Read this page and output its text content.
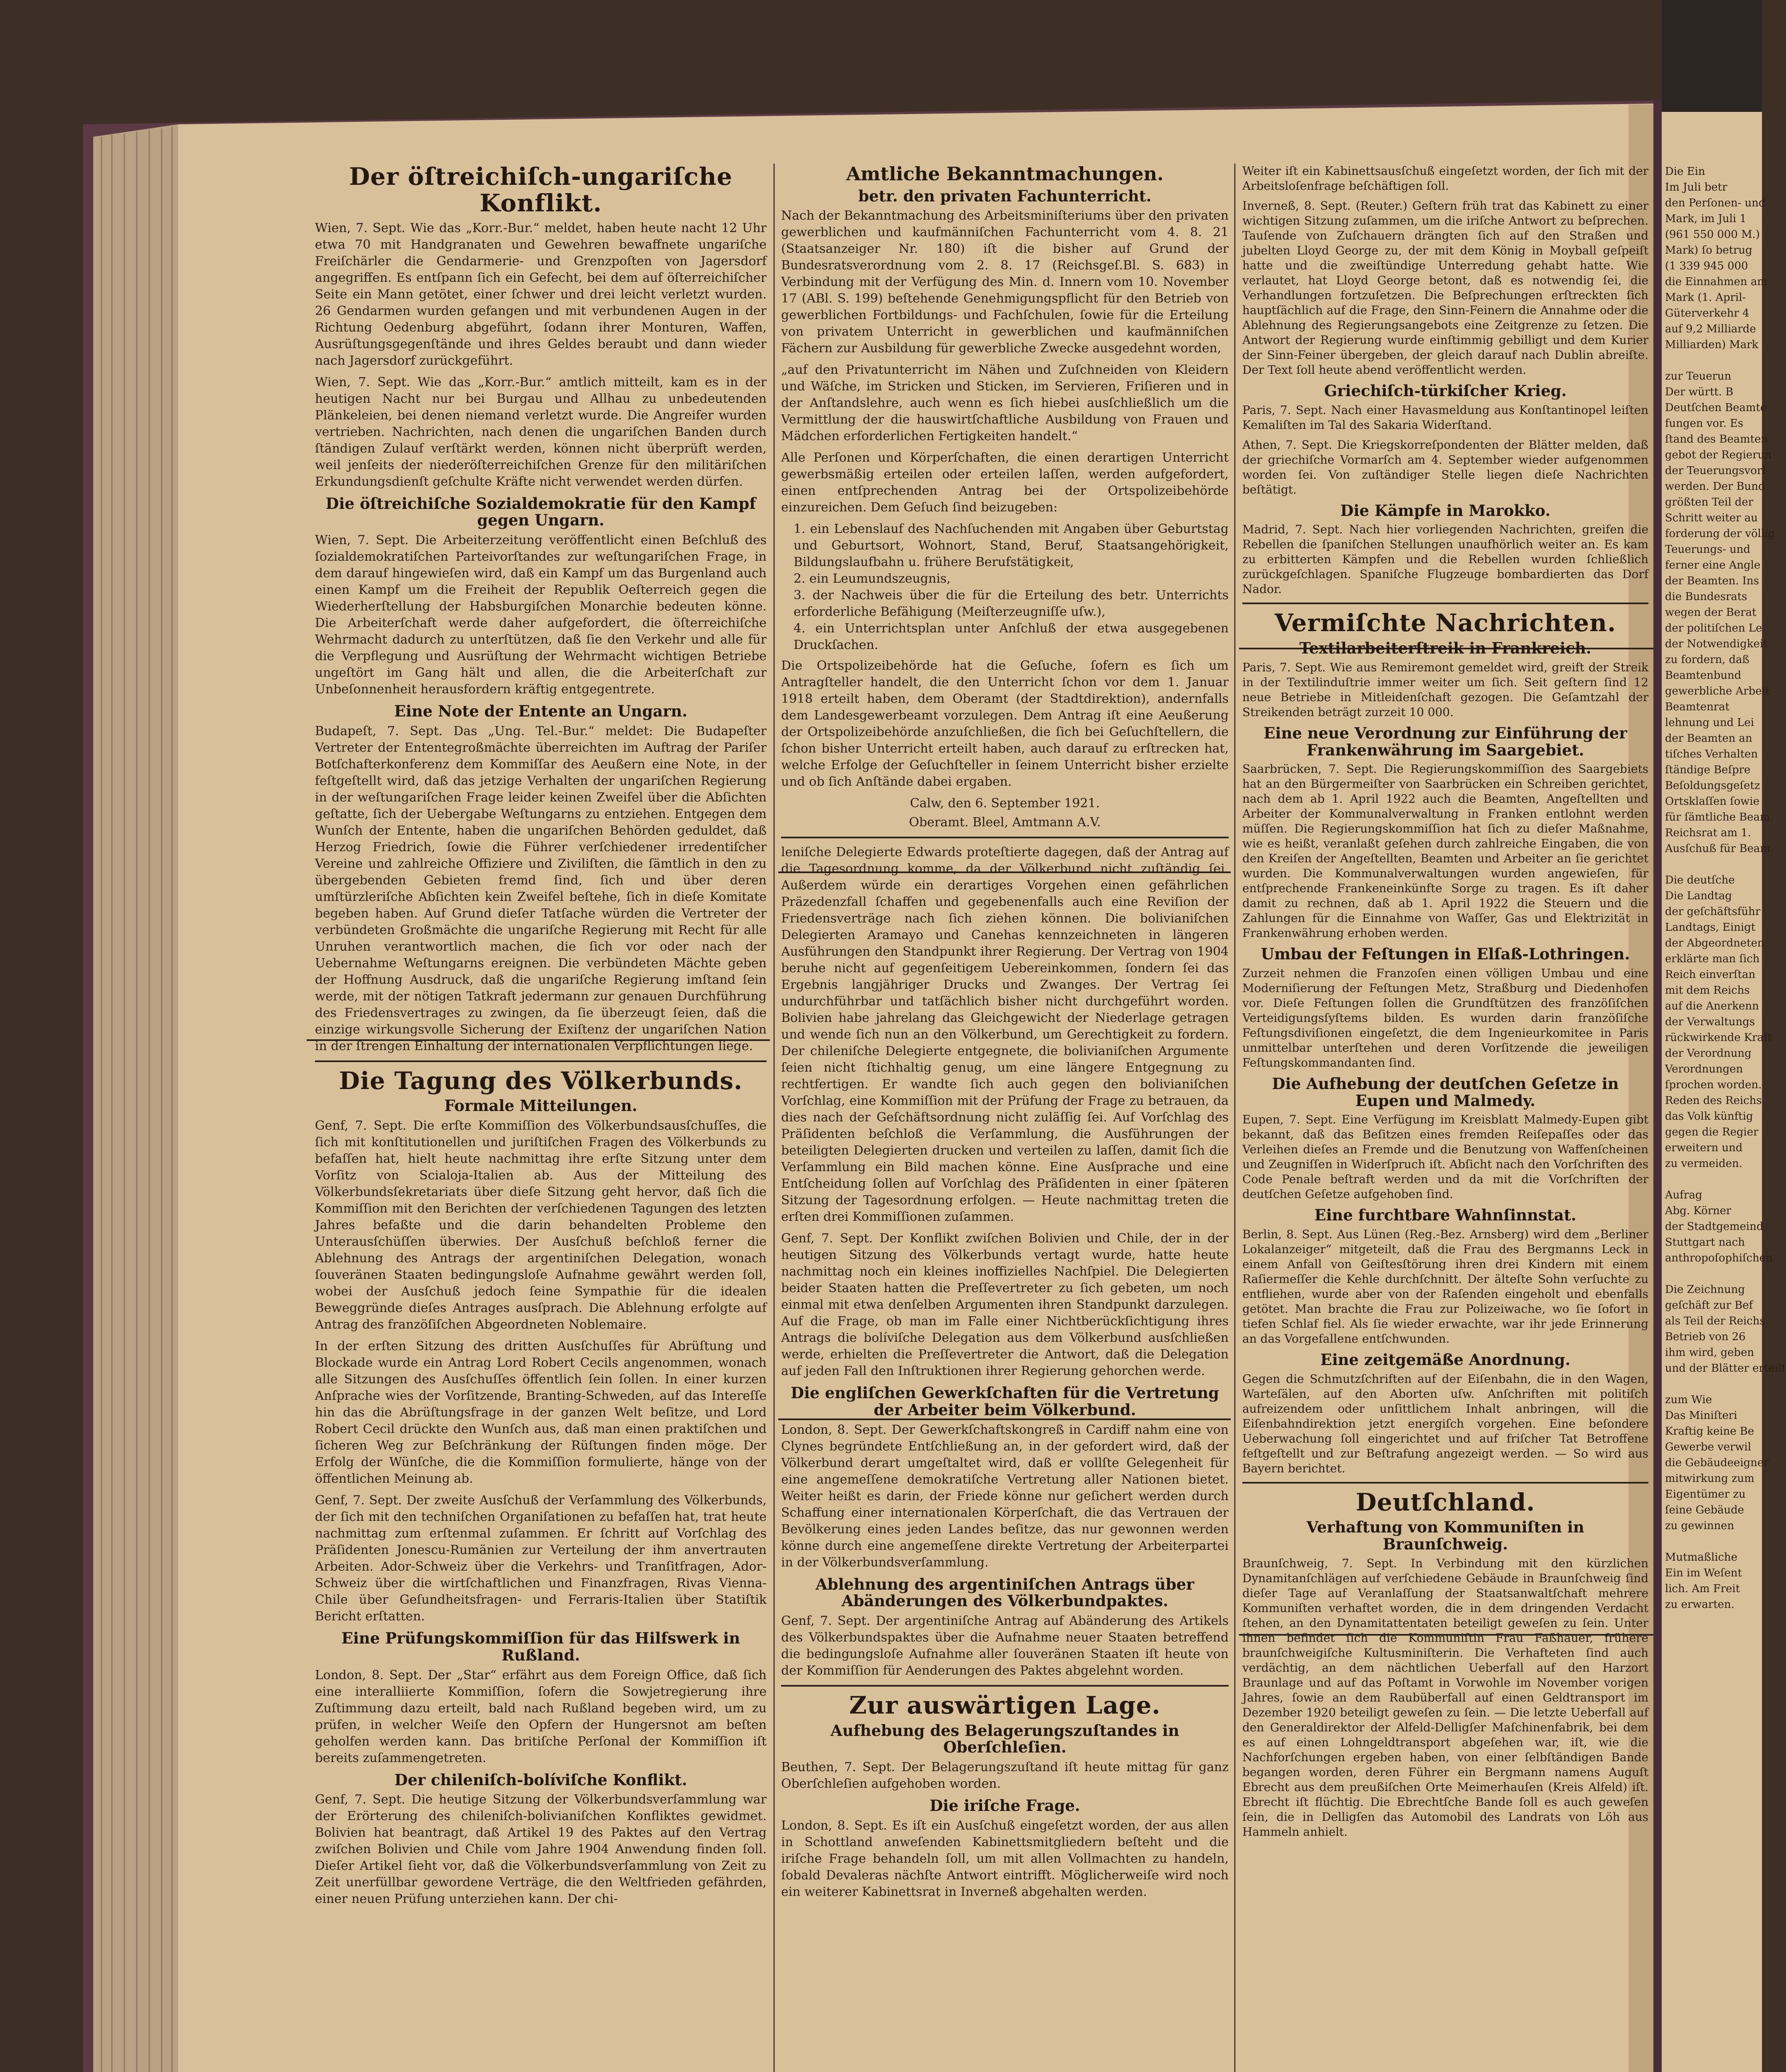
Der öſtreichiſch-ungariſche Konflikt.

Wien, 7. Sept. Wie das „Korr.-Bur.“ meldet, haben heute nacht 12 Uhr etwa 70 mit Handgranaten und Gewehren bewaffnete ungariſche Freiſchärler die Gendarmerie- und Grenzpoſten von Jagersdorf angegriffen. Es entſpann ſich ein Gefecht, bei dem auf öſterreichiſcher Seite ein Mann getötet, einer ſchwer und drei leicht verletzt wurden. 26 Gendarmen wurden gefangen und mit verbundenen Augen in der Richtung Oedenburg abgeführt, ſodann ihrer Monturen, Waffen, Ausrüſtungsgegenſtände und ihres Geldes beraubt und dann wieder nach Jagersdorf zurückgeführt.

Wien, 7. Sept. Wie das „Korr.-Bur.“ amtlich mitteilt, kam es in der heutigen Nacht nur bei Burgau und Allhau zu unbedeutenden Plänkeleien, bei denen niemand verletzt wurde. Die Angreifer wurden vertrieben. Nachrichten, nach denen die ungariſchen Banden durch ſtändigen Zulauf verſtärkt werden, können nicht überprüft werden, weil jenſeits der niederöſterreichiſchen Grenze für den militäriſchen Erkundungsdienſt geſchulte Kräfte nicht verwendet werden dürfen.

Die öſtreichiſche Sozialdemokratie für den Kampf gegen Ungarn.

Wien, 7. Sept. Die Arbeiterzeitung veröffentlicht einen Beſchluß des ſozialdemokratiſchen Parteivorſtandes zur weſtungariſchen Frage, in dem darauf hingewieſen wird, daß ein Kampf um das Burgenland auch einen Kampf um die Freiheit der Republik Oeſterreich gegen die Wiederherſtellung der Habsburgiſchen Monarchie bedeuten könne. Die Arbeiterſchaft werde daher aufgefordert, die öſterreichiſche Wehrmacht dadurch zu unterſtützen, daß ſie den Verkehr und alle für die Verpflegung und Ausrüſtung der Wehrmacht wichtigen Betriebe ungeſtört im Gang hält und allen, die die Arbeiterſchaft zur Unbeſonnenheit herausfordern kräftig entgegentrete.

Eine Note der Entente an Ungarn.

Budapeſt, 7. Sept. Das „Ung. Tel.-Bur.“ meldet: Die Budapeſter Vertreter der Ententegroßmächte überreichten im Auftrag der Pariſer Botſchafterkonferenz dem Kommiſſar des Aeußern eine Note, in der feſtgeſtellt wird, daß das jetzige Verhalten der ungariſchen Regierung in der weſtungariſchen Frage leider keinen Zweifel über die Abſichten geſtatte, ſich der Uebergabe Weſtungarns zu entziehen. Entgegen dem Wunſch der Entente, haben die ungariſchen Behörden geduldet, daß Herzog Friedrich, ſowie die Führer verſchiedener irredentiſcher Vereine und zahlreiche Offiziere und Ziviliſten, die ſämtlich in den zu übergebenden Gebieten fremd ſind, ſich und über deren umſtürzleriſche Abſichten kein Zweifel beſtehe, ſich in dieſe Komitate begeben haben. Auf Grund dieſer Tatſache würden die Vertreter der verbündeten Großmächte die ungariſche Regierung mit Recht für alle Unruhen verantwortlich machen, die ſich vor oder nach der Uebernahme Weſtungarns ereignen. Die verbündeten Mächte geben der Hoffnung Ausdruck, daß die ungariſche Regierung imſtand ſein werde, mit der nötigen Tatkraft jedermann zur genauen Durchführung des Friedensvertrages zu zwingen, da ſie überzeugt ſeien, daß die einzige wirkungsvolle Sicherung der Exiſtenz der ungariſchen Nation in der ſtrengen Einhaltung der internationalen Verpflichtungen liege.

Die Tagung des Völkerbunds.
Formale Mitteilungen.

Genf, 7. Sept. Die erſte Kommiſſion des Völkerbundsausſchuſſes, die ſich mit konſtitutionellen und juriſtiſchen Fragen des Völkerbunds zu befaſſen hat, hielt heute nachmittag ihre erſte Sitzung unter dem Vorſitz von Scialoja-Italien ab. Aus der Mitteilung des Völkerbundsſekretariats über dieſe Sitzung geht hervor, daß ſich die Kommiſſion mit den Berichten der verſchiedenen Tagungen des letzten Jahres befaßte und die darin behandelten Probleme den Unterausſchüſſen überwies. Der Ausſchuß beſchloß ferner die Ablehnung des Antrags der argentiniſchen Delegation, wonach ſouveränen Staaten bedingungsloſe Aufnahme gewährt werden ſoll, wobei der Ausſchuß jedoch ſeine Sympathie für die idealen Beweggründe dieſes Antrages ausſprach. Die Ablehnung erfolgte auf Antrag des franzöſiſchen Abgeordneten Noblemaire.

In der erſten Sitzung des dritten Ausſchuſſes für Abrüſtung und Blockade wurde ein Antrag Lord Robert Cecils angenommen, wonach alle Sitzungen des Ausſchuſſes öffentlich ſein ſollen. In einer kurzen Anſprache wies der Vorſitzende, Branting-Schweden, auf das Intereſſe hin das die Abrüſtungsfrage in der ganzen Welt beſitze, und Lord Robert Cecil drückte den Wunſch aus, daß man einen praktiſchen und ſicheren Weg zur Beſchränkung der Rüſtungen finden möge. Der Erfolg der Wünſche, die die Kommiſſion formulierte, hänge von der öffentlichen Meinung ab.

Genf, 7. Sept. Der zweite Ausſchuß der Verſammlung des Völkerbunds, der ſich mit den techniſchen Organiſationen zu befaſſen hat, trat heute nachmittag zum erſtenmal zuſammen. Er ſchritt auf Vorſchlag des Präſidenten Jonescu-Rumänien zur Verteilung der ihm anvertrauten Arbeiten. Ador-Schweiz über die Verkehrs- und Tranſitfragen, Ador-Schweiz über die wirtſchaftlichen und Finanzfragen, Rivas Vienna-Chile über Geſundheitsfragen- und Ferraris-Italien über Statiſtik Bericht erſtatten.

Eine Prüfungskommiſſion für das Hilfswerk in Rußland.

London, 8. Sept. Der „Star“ erfährt aus dem Foreign Office, daß ſich eine interalliierte Kommiſſion, ſofern die Sowjetregierung ihre Zuſtimmung dazu erteilt, bald nach Rußland begeben wird, um zu prüfen, in welcher Weiſe den Opfern der Hungersnot am beſten geholfen werden kann. Das britiſche Perſonal der Kommiſſion iſt bereits zuſammengetreten.

Der chileniſch-bolíviſche Konflikt.

Genf, 7. Sept. Die heutige Sitzung der Völkerbundsverſammlung war der Erörterung des chileniſch-bolivianiſchen Konfliktes gewidmet. Bolivien hat beantragt, daß Artikel 19 des Paktes auf den Vertrag zwiſchen Bolivien und Chile vom Jahre 1904 Anwendung finden ſoll. Dieſer Artikel ſieht vor, daß die Völkerbundsverſammlung von Zeit zu Zeit unerfüllbar gewordene Verträge, die den Weltfrieden gefährden, einer neuen Prüfung unterziehen kann. Der chi-

Amtliche Bekanntmachungen.
betr. den privaten Fachunterricht.

Nach der Bekanntmachung des Arbeitsminiſteriums über den privaten gewerblichen und kaufmänniſchen Fachunterricht vom 4. 8. 21 (Staatsanzeiger Nr. 180) iſt die bisher auf Grund der Bundesratsverordnung vom 2. 8. 17 (Reichsgeſ.Bl. S. 683) in Verbindung mit der Verfügung des Min. d. Innern vom 10. November 17 (ABl. S. 199) beſtehende Genehmigungspflicht für den Betrieb von gewerblichen Fortbildungs- und Fachſchulen, ſowie für die Erteilung von privatem Unterricht in gewerblichen und kaufmänniſchen Fächern zur Ausbildung für gewerbliche Zwecke ausgedehnt worden,

„auf den Privatunterricht im Nähen und Zuſchneiden von Kleidern und Wäſche, im Stricken und Sticken, im Servieren, Friſieren und in der Anſtandslehre, auch wenn es ſich hiebei ausſchließlich um die Vermittlung der die hauswirtſchaftliche Ausbildung von Frauen und Mädchen erforderlichen Fertigkeiten handelt.“

Alle Perſonen und Körperſchaften, die einen derartigen Unterricht gewerbsmäßig erteilen oder erteilen laſſen, werden aufgefordert, einen entſprechenden Antrag bei der Ortspolizeibehörde einzureichen. Dem Geſuch ſind beizugeben:

1. ein Lebenslauf des Nachſuchenden mit Angaben über Geburtstag und Geburtsort, Wohnort, Stand, Beruf, Staatsangehörigkeit, Bildungslaufbahn u. frühere Berufstätigkeit,
2. ein Leumundszeugnis,
3. der Nachweis über die für die Erteilung des betr. Unterrichts erforderliche Befähigung (Meiſterzeugniſſe uſw.),
4. ein Unterrichtsplan unter Anſchluß der etwa ausgegebenen Druckſachen.

Die Ortspolizeibehörde hat die Geſuche, ſofern es ſich um Antragſteller handelt, die den Unterricht ſchon vor dem 1. Januar 1918 erteilt haben, dem Oberamt (der Stadtdirektion), andernfalls dem Landesgewerbeamt vorzulegen. Dem Antrag iſt eine Aeußerung der Ortspolizeibehörde anzuſchließen, die ſich bei Geſuchſtellern, die ſchon bisher Unterricht erteilt haben, auch darauf zu erſtrecken hat, welche Erfolge der Geſuchſteller in ſeinem Unterricht bisher erzielte und ob ſich Anſtände dabei ergaben.

Calw, den 6. September 1921.

Oberamt. Bleel, Amtmann A.V.

leniſche Delegierte Edwards proteſtierte dagegen, daß der Antrag auf die Tagesordnung komme, da der Völkerbund nicht zuſtändig ſei. Außerdem würde ein derartiges Vorgehen einen gefährlichen Präzedenzfall ſchaffen und gegebenenfalls auch eine Reviſion der Friedensverträge nach ſich ziehen können. Die bolivianiſchen Delegierten Aramayo und Canehas kennzeichneten in längeren Ausführungen den Standpunkt ihrer Regierung. Der Vertrag von 1904 beruhe nicht auf gegenſeitigem Uebereinkommen, ſondern ſei das Ergebnis langjähriger Drucks und Zwanges. Der Vertrag ſei undurchführbar und tatſächlich bisher nicht durchgeführt worden. Bolivien habe jahrelang das Gleichgewicht der Niederlage getragen und wende ſich nun an den Völkerbund, um Gerechtigkeit zu fordern. Der chileniſche Delegierte entgegnete, die bolivianiſchen Argumente ſeien nicht ſtichhaltig genug, um eine längere Entgegnung zu rechtfertigen. Er wandte ſich auch gegen den bolivianiſchen Vorſchlag, eine Kommiſſion mit der Prüfung der Frage zu betrauen, da dies nach der Geſchäftsordnung nicht zuläſſig ſei. Auf Vorſchlag des Präſidenten beſchloß die Verſammlung, die Ausführungen der beteiligten Delegierten drucken und verteilen zu laſſen, damit ſich die Verſammlung ein Bild machen könne. Eine Ausſprache und eine Entſcheidung ſollen auf Vorſchlag des Präſidenten in einer ſpäteren Sitzung der Tagesordnung erfolgen. — Heute nachmittag treten die erſten drei Kommiſſionen zuſammen.

Genf, 7. Sept. Der Konflikt zwiſchen Bolivien und Chile, der in der heutigen Sitzung des Völkerbunds vertagt wurde, hatte heute nachmittag noch ein kleines inoffizielles Nachſpiel. Die Delegierten beider Staaten hatten die Preſſevertreter zu ſich gebeten, um noch einmal mit etwa denſelben Argumenten ihren Standpunkt darzulegen. Auf die Frage, ob man im Falle einer Nichtberückſichtigung ihres Antrags die bolíviſche Delegation aus dem Völkerbund ausſchließen werde, erhielten die Preſſevertreter die Antwort, daß die Delegation auf jeden Fall den Inſtruktionen ihrer Regierung gehorchen werde.

Die engliſchen Gewerkſchaften für die Vertretung der Arbeiter beim Völkerbund.

London, 8. Sept. Der Gewerkſchaftskongreß in Cardiff nahm eine von Clynes begründete Entſchließung an, in der gefordert wird, daß der Völkerbund derart umgeſtaltet wird, daß er vollſte Gelegenheit für eine angemeſſene demokratiſche Vertretung aller Nationen bietet. Weiter heißt es darin, der Friede könne nur geſichert werden durch Schaffung einer internationalen Körperſchaft, die das Vertrauen der Bevölkerung eines jeden Landes beſitze, das nur gewonnen werden könne durch eine angemeſſene direkte Vertretung der Arbeiterpartei in der Völkerbundsverſammlung.

Ablehnung des argentiniſchen Antrags über Abänderungen des Völkerbundpaktes.

Genf, 7. Sept. Der argentiniſche Antrag auf Abänderung des Artikels des Völkerbundspaktes über die Aufnahme neuer Staaten betreffend die bedingungsloſe Aufnahme aller ſouveränen Staaten iſt heute von der Kommiſſion für Aenderungen des Paktes abgelehnt worden.

Zur auswärtigen Lage.
Aufhebung des Belagerungszuſtandes in Oberſchleſien.

Beuthen, 7. Sept. Der Belagerungszuſtand iſt heute mittag für ganz Oberſchleſien aufgehoben worden.

Die iriſche Frage.

London, 8. Sept. Es iſt ein Ausſchuß eingeſetzt worden, der aus allen in Schottland anweſenden Kabinettsmitgliedern beſteht und die iriſche Frage behandeln ſoll, um mit allen Vollmachten zu handeln, ſobald Devaleras nächſte Antwort eintrifft. Möglicherweiſe wird noch ein weiterer Kabinettsrat in Inverneß abgehalten werden.

Weiter iſt ein Kabinettsausſchuß eingeſetzt worden, der ſich mit der Arbeitsloſenfrage beſchäftigen ſoll.

Inverneß, 8. Sept. (Reuter.) Geſtern früh trat das Kabinett zu einer wichtigen Sitzung zuſammen, um die iriſche Antwort zu beſprechen. Tauſende von Zuſchauern drängten ſich auf den Straßen und jubelten Lloyd George zu, der mit dem König in Moyball geſpeiſt hatte und die zweiſtündige Unterredung gehabt hatte. Wie verlautet, hat Lloyd George betont, daß es notwendig ſei, die Verhandlungen fortzuſetzen. Die Beſprechungen erſtreckten ſich hauptſächlich auf die Frage, den Sinn-Feinern die Annahme oder die Ablehnung des Regierungsangebots eine Zeitgrenze zu ſetzen. Die Antwort der Regierung wurde einſtimmig gebilligt und dem Kurier der Sinn-Feiner übergeben, der gleich darauf nach Dublin abreiſte. Der Text ſoll heute abend veröffentlicht werden.

Griechiſch-türkiſcher Krieg.

Paris, 7. Sept. Nach einer Havasmeldung aus Konſtantinopel leiſten Kemaliſten im Tal des Sakaria Widerſtand.

Athen, 7. Sept. Die Kriegskorreſpondenten der Blätter melden, daß der griechiſche Vormarſch am 4. September wieder aufgenommen worden ſei. Von zuſtändiger Stelle liegen dieſe Nachrichten beſtätigt.

Die Kämpfe in Marokko.

Madrid, 7. Sept. Nach hier vorliegenden Nachrichten, greifen die Rebellen die ſpaniſchen Stellungen unaufhörlich weiter an. Es kam zu erbitterten Kämpfen und die Rebellen wurden ſchließlich zurückgeſchlagen. Spaniſche Flugzeuge bombardierten das Dorf Nador.

Vermiſchte Nachrichten.
Textilarbeiterſtreik in Frankreich.

Paris, 7. Sept. Wie aus Remiremont gemeldet wird, greift der Streik in der Textilinduſtrie immer weiter um ſich. Seit geſtern ſind 12 neue Betriebe in Mitleidenſchaft gezogen. Die Geſamtzahl der Streikenden beträgt zurzeit 10 000.

Eine neue Verordnung zur Einführung der Frankenwährung im Saargebiet.

Saarbrücken, 7. Sept. Die Regierungskommiſſion des Saargebiets hat an den Bürgermeiſter von Saarbrücken ein Schreiben gerichtet, nach dem ab 1. April 1922 auch die Beamten, Angeſtellten und Arbeiter der Kommunalverwaltung in Franken entlohnt werden müſſen. Die Regierungskommiſſion hat ſich zu dieſer Maßnahme, wie es heißt, veranlaßt geſehen durch zahlreiche Eingaben, die von den Kreiſen der Angeſtellten, Beamten und Arbeiter an ſie gerichtet wurden. Die Kommunalverwaltungen wurden angewieſen, für entſprechende Frankeneinkünfte Sorge zu tragen. Es iſt daher damit zu rechnen, daß ab 1. April 1922 die Steuern und die Zahlungen für die Einnahme von Waſſer, Gas und Elektrizität in Frankenwährung erhoben werden.

Umbau der Feſtungen in Elſaß-Lothringen.

Zurzeit nehmen die Franzoſen einen völligen Umbau und eine Moderniſierung der Feſtungen Metz, Straßburg und Diedenhofen vor. Dieſe Feſtungen ſollen die Grundſtützen des franzöſiſchen Verteidigungsſyſtems bilden. Es wurden darin franzöſiſche Feſtungsdiviſionen eingeſetzt, die dem Ingenieurkomitee in Paris unmittelbar unterſtehen und deren Vorſitzende die jeweiligen Feſtungskommandanten ſind.

Die Aufhebung der deutſchen Geſetze in Eupen und Malmedy.

Eupen, 7. Sept. Eine Verfügung im Kreisblatt Malmedy-Eupen gibt bekannt, daß das Beſitzen eines fremden Reiſepaſſes oder das Verleihen dieſes an Fremde und die Benutzung von Waffenſcheinen und Zeugniſſen in Widerſpruch iſt. Abſicht nach den Vorſchriften des Code Penale beſtraft werden und da mit die Vorſchriften der deutſchen Geſetze aufgehoben ſind.

Eine furchtbare Wahnſinnstat.

Berlin, 8. Sept. Aus Lünen (Reg.-Bez. Arnsberg) wird dem „Berliner Lokalanzeiger“ mitgeteilt, daß die Frau des Bergmanns Leck in einem Anfall von Geiſtesſtörung ihren drei Kindern mit einem Raſiermeſſer die Kehle durchſchnitt. Der älteſte Sohn verſuchte zu entfliehen, wurde aber von der Raſenden eingeholt und ebenfalls getötet. Man brachte die Frau zur Polizeiwache, wo ſie ſofort in tiefen Schlaf fiel. Als ſie wieder erwachte, war ihr jede Erinnerung an das Vorgefallene entſchwunden.

Eine zeitgemäße Anordnung.

Gegen die Schmutzſchriften auf der Eiſenbahn, die in den Wagen, Warteſälen, auf den Aborten uſw. Anſchriften mit politiſch aufreizendem oder unſittlichem Inhalt anbringen, will die Eiſenbahndirektion jetzt energiſch vorgehen. Eine beſondere Ueberwachung ſoll eingerichtet und auf friſcher Tat Betroffene feſtgeſtellt und zur Beſtrafung angezeigt werden. — So wird aus Bayern berichtet.

Deutſchland.
Verhaftung von Kommuniſten in Braunſchweig.

Braunſchweig, 7. Sept. In Verbindung mit den kürzlichen Dynamitanſchlägen auf verſchiedene Gebäude in Braunſchweig ſind dieſer Tage auf Veranlaſſung der Staatsanwaltſchaft mehrere Kommuniſten verhaftet worden, die in dem dringenden Verdacht ſtehen, an den Dynamitattentaten beteiligt geweſen zu ſein. Unter ihnen befindet ſich die Kommuniſtin Frau Faßhauer, frühere braunſchweigiſche Kultusminiſterin. Die Verhafteten ſind auch verdächtig, an dem nächtlichen Ueberfall auf den Harzort Braunlage und auf das Poſtamt in Vorwohle im November vorigen Jahres, ſowie an dem Raubüberfall auf einen Geldtransport im Dezember 1920 beteiligt geweſen zu ſein. — Die letzte Ueberfall auf den Generaldirektor der Alfeld-Delligſer Maſchinenfabrik, bei dem es auf einen Lohngeldtransport abgeſehen war, iſt, wie die Nachforſchungen ergeben haben, von einer ſelbſtändigen Bande begangen worden, deren Führer ein Bergmann namens Auguſt Ebrecht aus dem preußiſchen Orte Meimerhauſen (Kreis Alfeld) iſt. Ebrecht iſt flüchtig. Die Ebrechtſche Bande ſoll es auch geweſen ſein, die in Delligſen das Automobil des Landrats von Löh aus Hammeln anhielt.

Die Ein
Im Juli betr
den Perſonen- und
Mark, im Juli 1
(961 550 000 M.)
Mark) ſo betrug
(1 339 945 000
die Einnahmen am
Mark (1. April-
Güterverkehr 4
auf 9,2 Milliarde
Milliarden) Mark
zur Teuerun
Der württ. B
Deutſchen Beamte
fungen vor. Es
ſtand des Beamten
gebot der Regierun
der Teuerungsvorl
werden. Der Bund
größten Teil der
Schritt weiter au
forderung der völlig
Teuerungs- und
ferner eine Angle
der Beamten. Ins
die Bundesrats
wegen der Berat
der politiſchen Le
der Notwendigkeit
zu fordern, daß
Beamtenbund
gewerbliche Arbeit
Beamtenrat
lehnung und Lei
der Beamten an
tiſches Verhalten
ſtändige Beſpre
Beſoldungsgeſetz
Ortsklaſſen ſowie
für ſämtliche Beam
Reichsrat am 1.
Ausſchuß für Beam
Die deutſche
Die Landtag
der geſchäftsführ
Landtags, Einigt
der Abgeordneten
erklärte man ſich
Reich einverſtan
mit dem Reichs
auf die Anerkenn
der Verwaltungs
rückwirkende Kraft
der Verordnung
Verordnungen
ſprochen worden.
Reden des Reichs
das Volk künftig
gegen die Regier
erweitern und
zu vermeiden.
Aufrag
Abg. Körner
der Stadtgemeind
Stuttgart nach
anthropoſophiſchen
Die Zeichnung
geſchäft zur Bef
als Teil der Reichs
Betrieb von 26
ihm wird, geben
und der Blätter erteilt
zum Wie
Das Miniſteri
Kraftig keine Be
Gewerbe verwil
die Gebäudeeigner
mitwirkung zum
Eigentümer zu
ſeine Gebäude
zu gewinnen
Mutmaßliche
Ein im Weſent
lich. Am Freit
zu erwarten.
